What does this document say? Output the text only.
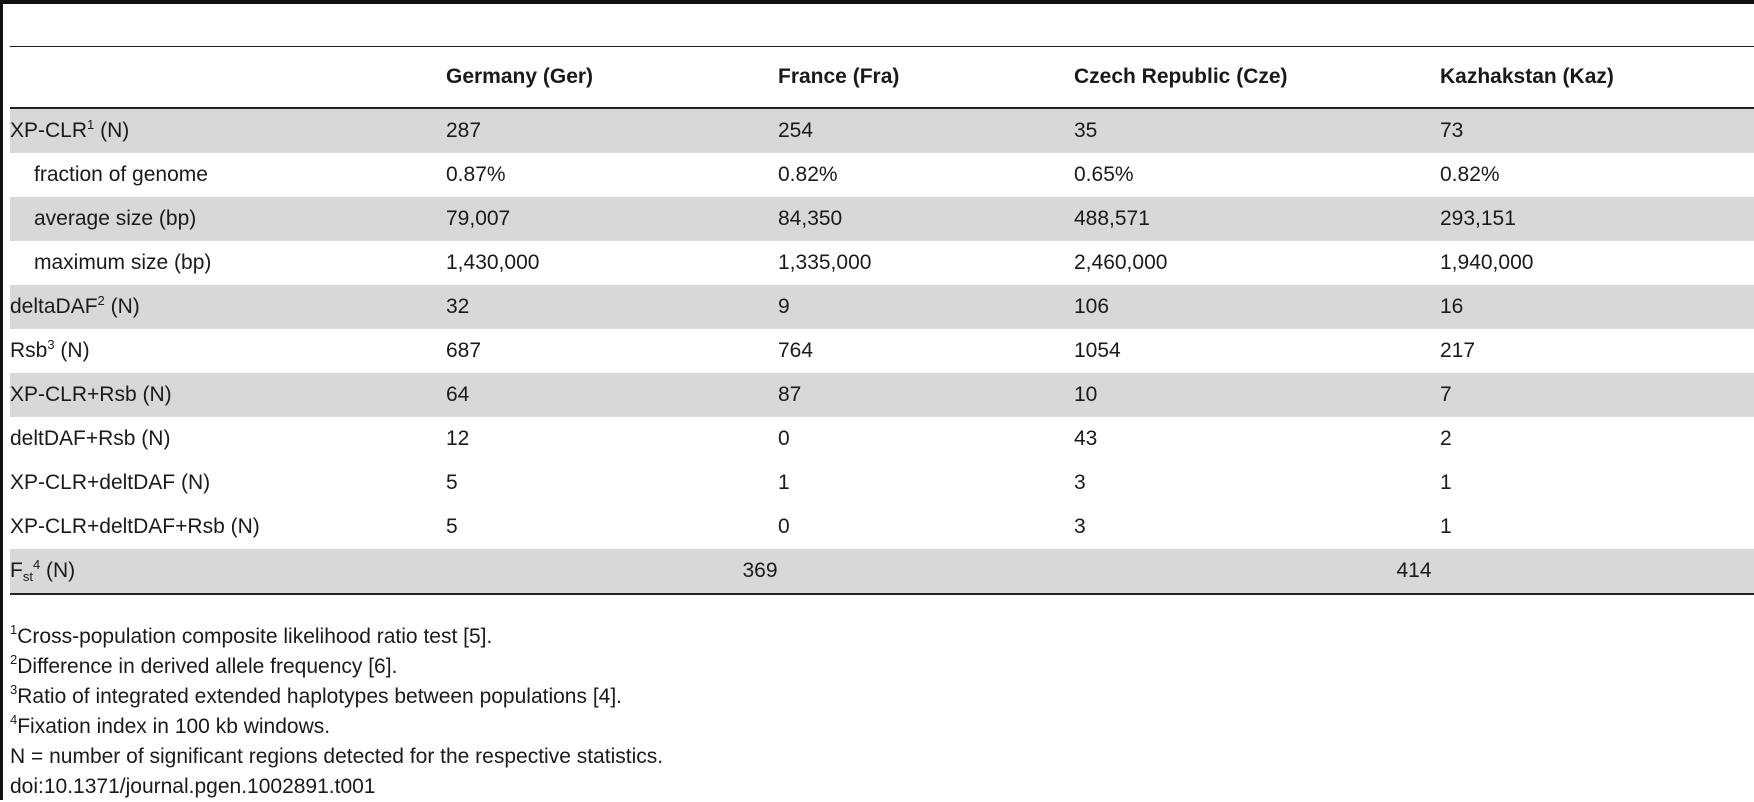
	Germany (Ger)	France (Fra)	Czech Republic (Cze)	Kazhakstan (Kaz)
XP-CLR$^1$ (N)	287	254	35	73
fraction of genome	0.87%	0.82%	0.65%	0.82%
average size (bp)	79,007	84,350	488,571	293,151
maximum size (bp)	1,430,000	1,335,000	2,460,000	1,940,000
deltaDAF$^2$ (N)	32	9	106	16
Rsb$^3$ (N)	687	764	1054	217
XP-CLR+Rsb (N)	64	87	10	7
deltDAF+Rsb (N)	12	0	43	2
XP-CLR+deltDAF (N)	5	1	3	1
XP-CLR+deltDAF+Rsb (N)	5	0	3	1
$F_{st}^4$ (N)	369		414	
$^1$Cross-population composite likelihood ratio test [5].
$^2$Difference in derived allele frequency [6].
$^3$Ratio of integrated extended haplotypes between populations [4].
$^4$Fixation index in 100 kb windows.
N = number of significant regions detected for the respective statistics.
doi:10.1371/journal.pgen.1002891.t001
